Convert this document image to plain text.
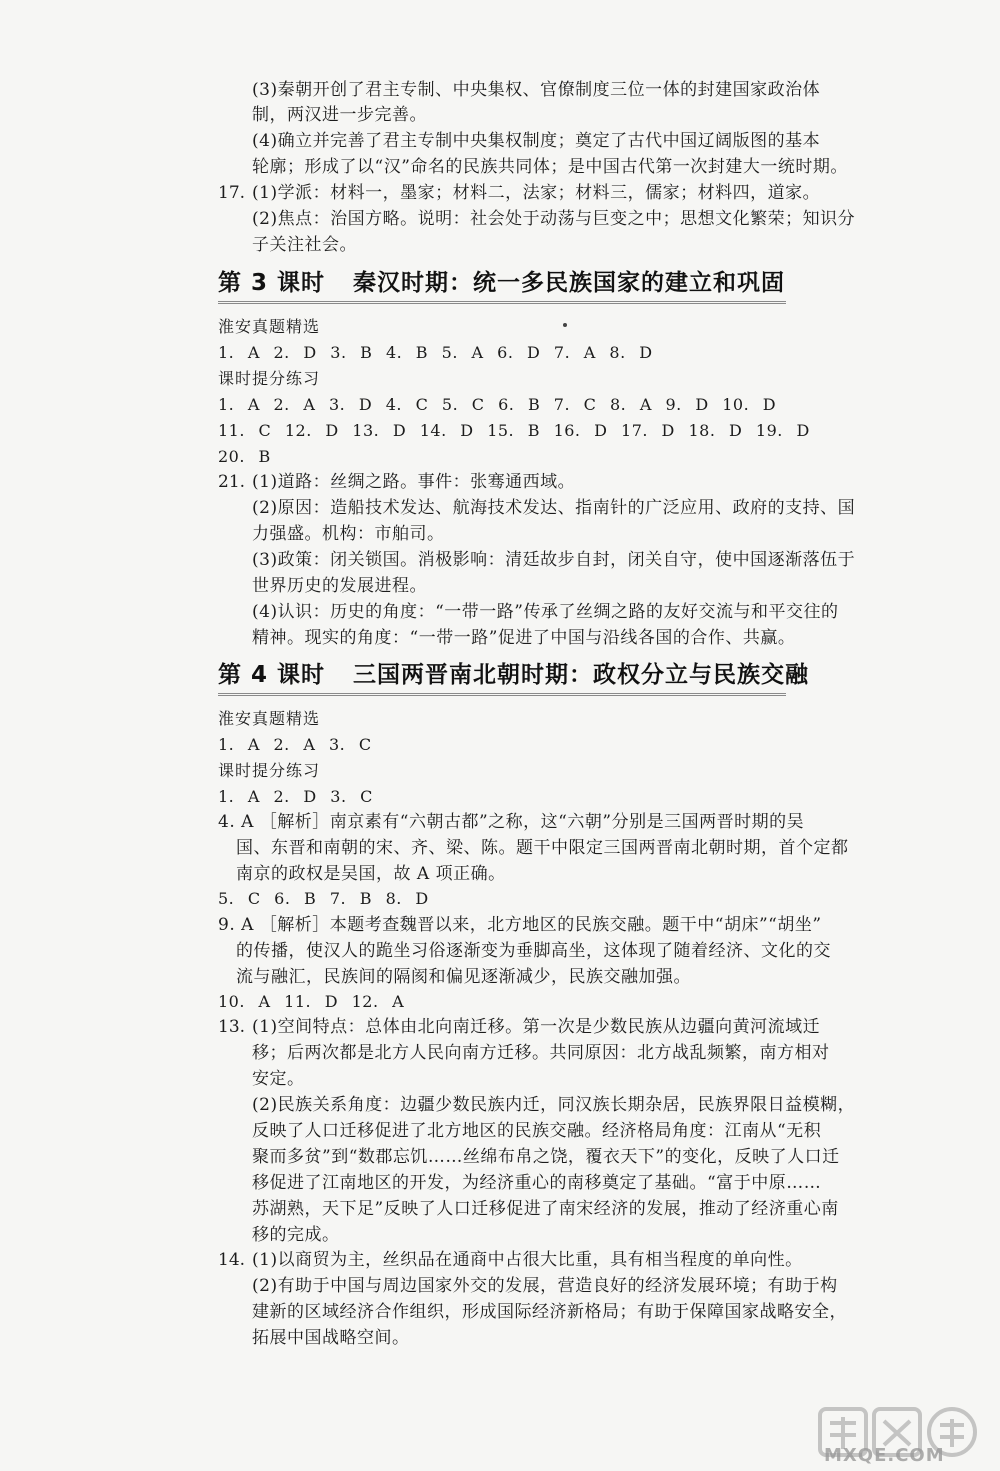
(3)秦朝开创了君主专制、中央集权、官僚制度三位一体的封建国家政治体
制，两汉进一步完善。
(4)确立并完善了君主专制中央集权制度；奠定了古代中国辽阔版图的基本
轮廓；形成了以“汉”命名的民族共同体；是中国古代第一次封建大一统时期。
17. (1)学派：材料一，墨家；材料二，法家；材料三，儒家；材料四，道家。
(2)焦点：治国方略。说明：社会处于动荡与巨变之中；思想文化繁荣；知识分
子关注社会。
第 3 课时 秦汉时期：统一多民族国家的建立和巩固
淮安真题精选
1. A 2. D 3. B 4. B 5. A 6. D 7. A 8. D
课时提分练习
1. A 2. A 3. D 4. C 5. C 6. B 7. C 8. A 9. D 10. D
11. C 12. D 13. D 14. D 15. B 16. D 17. D 18. D 19. D
20. B
21. (1)道路：丝绸之路。事件：张骞通西域。
(2)原因：造船技术发达、航海技术发达、指南针的广泛应用、政府的支持、国
力强盛。机构：市舶司。
(3)政策：闭关锁国。消极影响：清廷故步自封，闭关自守，使中国逐渐落伍于
世界历史的发展进程。
(4)认识：历史的角度：“一带一路”传承了丝绸之路的友好交流与和平交往的
精神。现实的角度：“一带一路”促进了中国与沿线各国的合作、共赢。
第 4 课时 三国两晋南北朝时期：政权分立与民族交融
淮安真题精选
1. A 2. A 3. C
课时提分练习
1. A 2. D 3. C
4. A ［解析］南京素有“六朝古都”之称，这“六朝”分别是三国两晋时期的吴
国、东晋和南朝的宋、齐、梁、陈。题干中限定三国两晋南北朝时期，首个定都
南京的政权是吴国，故 A 项正确。
5. C 6. B 7. B 8. D
9. A ［解析］本题考查魏晋以来，北方地区的民族交融。题干中“胡床”“胡坐”
的传播，使汉人的跪坐习俗逐渐变为垂脚高坐，这体现了随着经济、文化的交
流与融汇，民族间的隔阂和偏见逐渐减少，民族交融加强。
10. A 11. D 12. A
13. (1)空间特点：总体由北向南迁移。第一次是少数民族从边疆向黄河流域迁
移；后两次都是北方人民向南方迁移。共同原因：北方战乱频繁，南方相对
安定。
(2)民族关系角度：边疆少数民族内迁，同汉族长期杂居，民族界限日益模糊，
反映了人口迁移促进了北方地区的民族交融。经济格局角度：江南从“无积
聚而多贫”到“数郡忘饥……丝绵布帛之饶，覆衣天下”的变化，反映了人口迁
移促进了江南地区的开发，为经济重心的南移奠定了基础。“富于中原……
苏湖熟，天下足”反映了人口迁移促进了南宋经济的发展，推动了经济重心南
移的完成。
14. (1)以商贸为主，丝织品在通商中占很大比重，具有相当程度的单向性。
(2)有助于中国与周边国家外交的发展，营造良好的经济发展环境；有助于构
建新的区域经济合作组织，形成国际经济新格局；有助于保障国家战略安全，
拓展中国战略空间。
MXQE.COM
